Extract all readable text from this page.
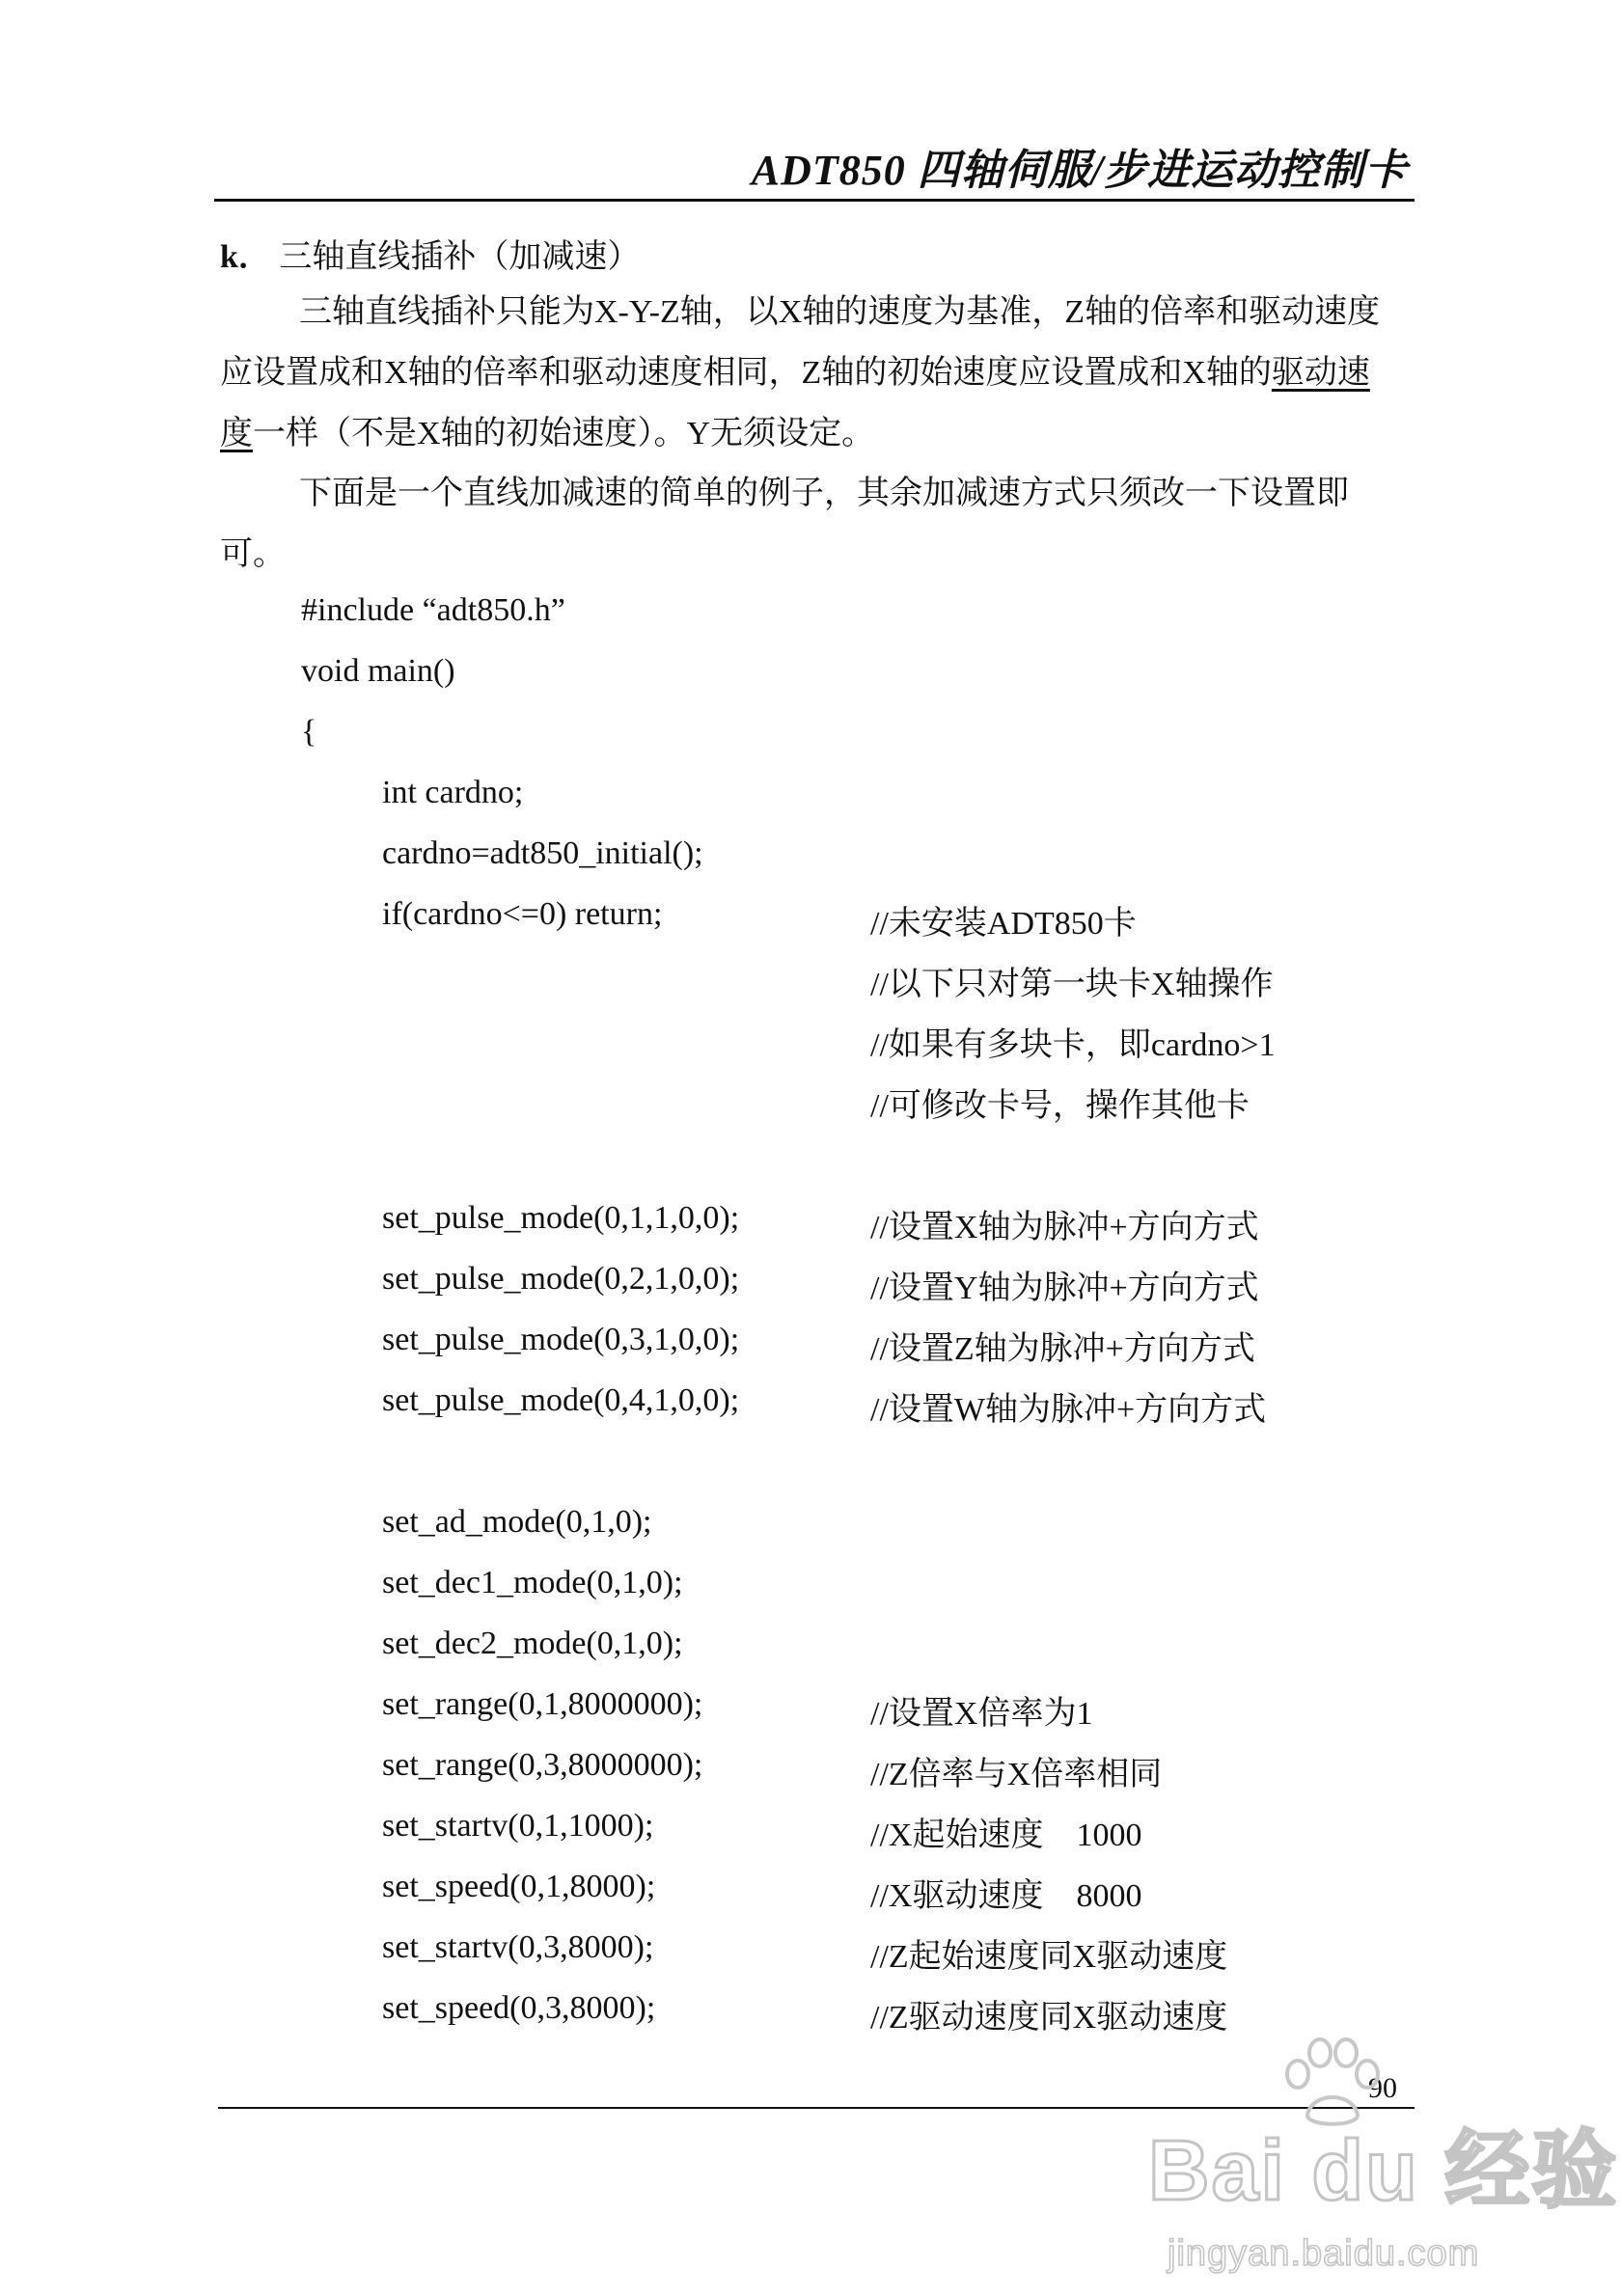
ADT850 四轴伺服/步进运动控制卡
k． 三轴直线插补（加减速）

三轴直线插补只能为X-Y-Z轴，以X轴的速度为基准，Z轴的倍率和驱动速度应设置成和X轴的倍率和驱动速度相同，Z轴的初始速度应设置成和X轴的驱动速度一样（不是X轴的初始速度）。Y无须设定。

下面是一个直线加减速的简单的例子，其余加减速方式只须改一下设置即可。

#include “adt850.h”
void main()
{
int cardno;
cardno=adt850_initial();
if(cardno<=0) return;	//未安装ADT850卡
//以下只对第一块卡X轴操作
//如果有多块卡，即cardno>1
//可修改卡号，操作其他卡
set_pulse_mode(0,1,1,0,0);	//设置X轴为脉冲+方向方式
set_pulse_mode(0,2,1,0,0);	//设置Y轴为脉冲+方向方式
set_pulse_mode(0,3,1,0,0);	//设置Z轴为脉冲+方向方式
set_pulse_mode(0,4,1,0,0);	//设置W轴为脉冲+方向方式
set_ad_mode(0,1,0);
set_dec1_mode(0,1,0);
set_dec2_mode(0,1,0);
set_range(0,1,8000000);	//设置X倍率为1
set_range(0,3,8000000);	//Z倍率与X倍率相同
set_startv(0,1,1000);	//X起始速度    1000
set_speed(0,1,8000);	//X驱动速度    8000
set_startv(0,3,8000);	//Z起始速度同X驱动速度
set_speed(0,3,8000);	//Z驱动速度同X驱动速度
90
Bai du 经验
jingyan.baidu.com
